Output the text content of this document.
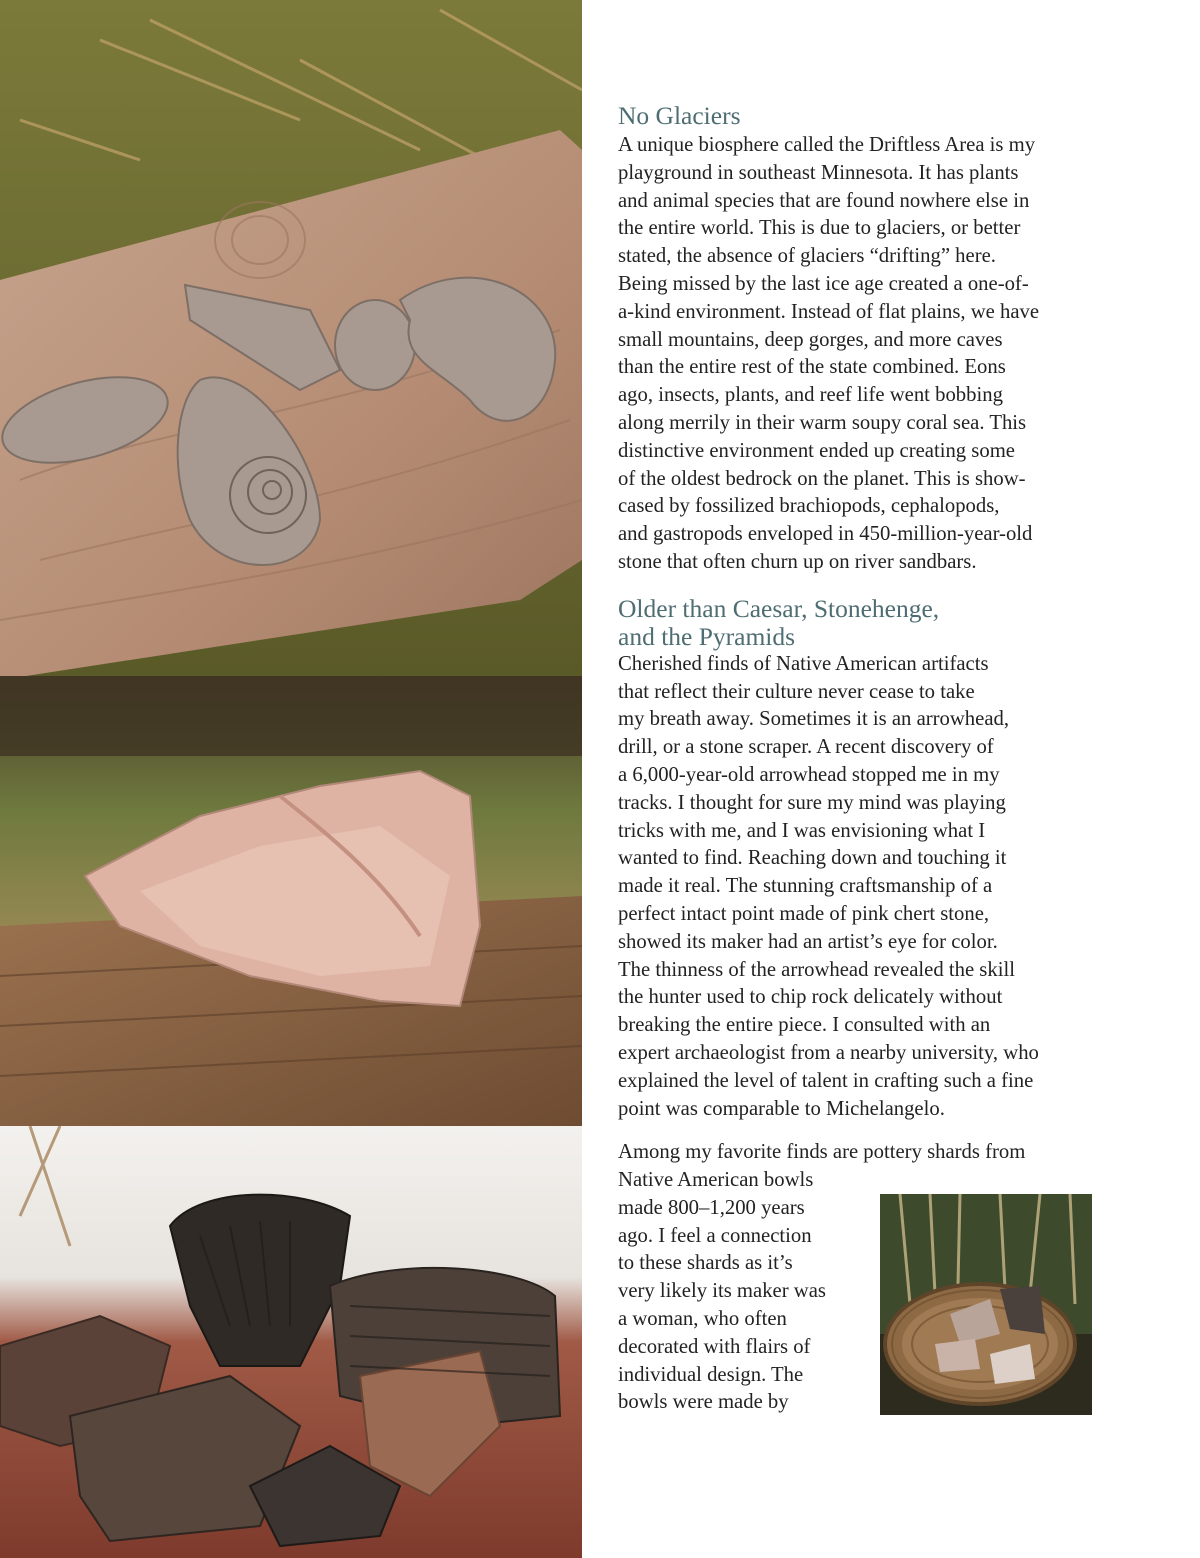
No Glaciers

A unique biosphere called the Driftless Area is my
playground in southeast Minnesota. It has plants
and animal species that are found nowhere else in
the entire world. This is due to glaciers, or better
stated, the absence of glaciers “drifting” here.
Being missed by the last ice age created a one-of-
a-kind environment. Instead of flat plains, we have
small mountains, deep gorges, and more caves
than the entire rest of the state combined. Eons
ago, insects, plants, and reef life went bobbing
along merrily in their warm soupy coral sea. This
distinctive environment ended up creating some
of the oldest bedrock on the planet. This is show-
cased by fossilized brachiopods, cephalopods,
and gastropods enveloped in 450-million-year-old
stone that often churn up on river sandbars.

Older than Caesar, Stonehenge,
and the Pyramids

Cherished finds of Native American artifacts
that reflect their culture never cease to take
my breath away. Sometimes it is an arrowhead,
drill, or a stone scraper. A recent discovery of
a 6,000-year-old arrowhead stopped me in my
tracks. I thought for sure my mind was playing
tricks with me, and I was envisioning what I
wanted to find. Reaching down and touching it
made it real. The stunning craftsmanship of a
perfect intact point made of pink chert stone,
showed its maker had an artist’s eye for color.
The thinness of the arrowhead revealed the skill
the hunter used to chip rock delicately without
breaking the entire piece. I consulted with an
expert archaeologist from a nearby university, who
explained the level of talent in crafting such a fine
point was comparable to Michelangelo.

Among my favorite finds are pottery shards from
Native American bowls
made 800–1,200 years
ago. I feel a connection
to these shards as it’s
very likely its maker was
a woman, who often
decorated with flairs of
individual design. The
bowls were made by
